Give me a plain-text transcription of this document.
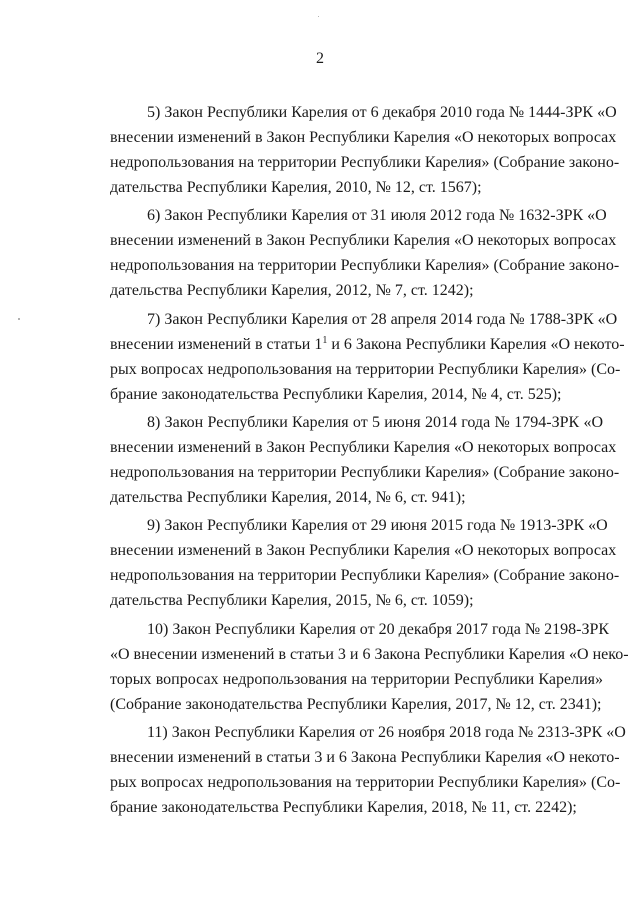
2
5) Закон Республики Карелия от 6 декабря 2010 года № 1444-ЗРК «О
внесении изменений в Закон Республики Карелия «О некоторых вопросах
недропользования на территории Республики Карелия» (Собрание законо-
дательства Республики Карелия, 2010, № 12, ст. 1567);
6) Закон Республики Карелия от 31 июля 2012 года № 1632-ЗРК «О
внесении изменений в Закон Республики Карелия «О некоторых вопросах
недропользования на территории Республики Карелия» (Собрание законо-
дательства Республики Карелия, 2012, № 7, ст. 1242);
7) Закон Республики Карелия от 28 апреля 2014 года № 1788-ЗРК «О
внесении изменений в статьи $1^1$ и 6 Закона Республики Карелия «О некото-
рых вопросах недропользования на территории Республики Карелия» (Со-
брание законодательства Республики Карелия, 2014, № 4, ст. 525);
8) Закон Республики Карелия от 5 июня 2014 года № 1794-ЗРК «О
внесении изменений в Закон Республики Карелия «О некоторых вопросах
недропользования на территории Республики Карелия» (Собрание законо-
дательства Республики Карелия, 2014, № 6, ст. 941);
9) Закон Республики Карелия от 29 июня 2015 года № 1913-ЗРК «О
внесении изменений в Закон Республики Карелия «О некоторых вопросах
недропользования на территории Республики Карелия» (Собрание законо-
дательства Республики Карелия, 2015, № 6, ст. 1059);
10) Закон Республики Карелия от 20 декабря 2017 года № 2198-ЗРК
«О внесении изменений в статьи 3 и 6 Закона Республики Карелия «О неко-
торых вопросах недропользования на территории Республики Карелия»
(Собрание законодательства Республики Карелия, 2017, № 12, ст. 2341);
11) Закон Республики Карелия от 26 ноября 2018 года № 2313-ЗРК «О
внесении изменений в статьи 3 и 6 Закона Республики Карелия «О некото-
рых вопросах недропользования на территории Республики Карелия» (Со-
брание законодательства Республики Карелия, 2018, № 11, ст. 2242);
